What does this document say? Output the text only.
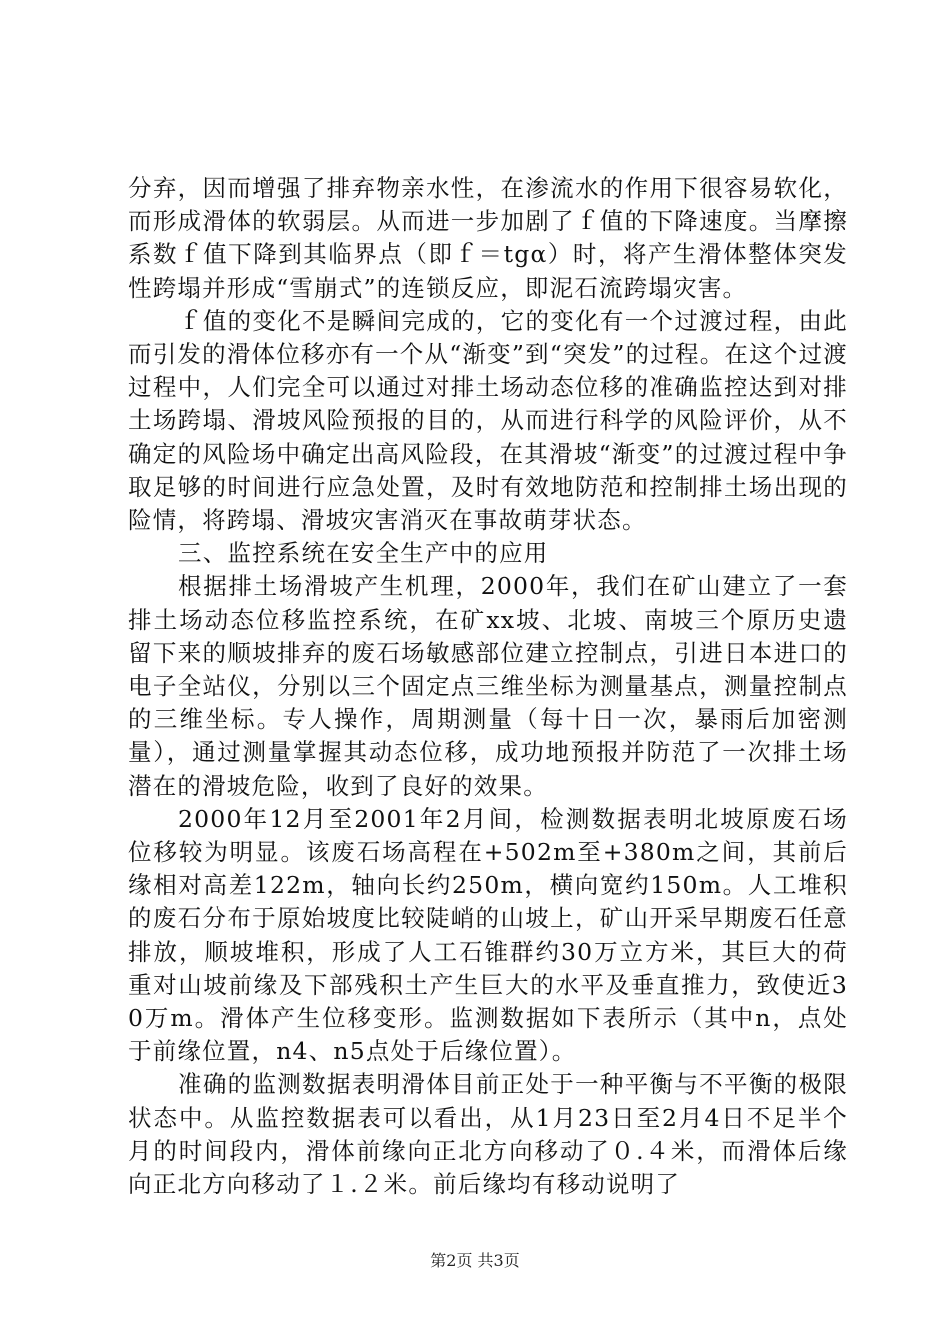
分弃，因而增强了排弃物亲水性，在渗流水的作用下很容易软化，而形成滑体的软弱层。从而进一步加剧了ｆ值的下降速度。当摩擦系数ｆ值下降到其临界点（即ｆ＝tgα）时，将产生滑体整体突发性跨塌并形成“雪崩式”的连锁反应，即泥石流跨塌灾害。

ｆ值的变化不是瞬间完成的，它的变化有一个过渡过程，由此而引发的滑体位移亦有一个从“渐变”到“突发”的过程。在这个过渡过程中，人们完全可以通过对排土场动态位移的准确监控达到对排土场跨塌、滑坡风险预报的目的，从而进行科学的风险评价，从不确定的风险场中确定出高风险段，在其滑坡“渐变”的过渡过程中争取足够的时间进行应急处置，及时有效地防范和控制排土场出现的险情，将跨塌、滑坡灾害消灭在事故萌芽状态。

三、监控系统在安全生产中的应用

根据排土场滑坡产生机理，2000年，我们在矿山建立了一套排土场动态位移监控系统，在矿xx坡、北坡、南坡三个原历史遗留下来的顺坡排弃的废石场敏感部位建立控制点，引进日本进口的电子全站仪，分别以三个固定点三维坐标为测量基点，测量控制点的三维坐标。专人操作，周期测量（每十日一次，暴雨后加密测量），通过测量掌握其动态位移，成功地预报并防范了一次排土场潜在的滑坡危险，收到了良好的效果。

2000年12月至2001年2月间，检测数据表明北坡原废石场位移较为明显。该废石场高程在+502m至+380m之间，其前后缘相对高差122m，轴向长约250m，横向宽约150m。人工堆积的废石分布于原始坡度比较陡峭的山坡上，矿山开采早期废石任意排放，顺坡堆积，形成了人工石锥群约30万立方米，其巨大的荷重对山坡前缘及下部残积土产生巨大的水平及垂直推力，致使近30万m。滑体产生位移变形。监测数据如下表所示（其中n，点处于前缘位置，n4、n5点处于后缘位置）。

准确的监测数据表明滑体目前正处于一种平衡与不平衡的极限状态中。从监控数据表可以看出，从1月23日至2月4日不足半个月的时间段内，滑体前缘向正北方向移动了０.４米，而滑体后缘向正北方向移动了１.２米。前后缘均有移动说明了

第2页 共3页
